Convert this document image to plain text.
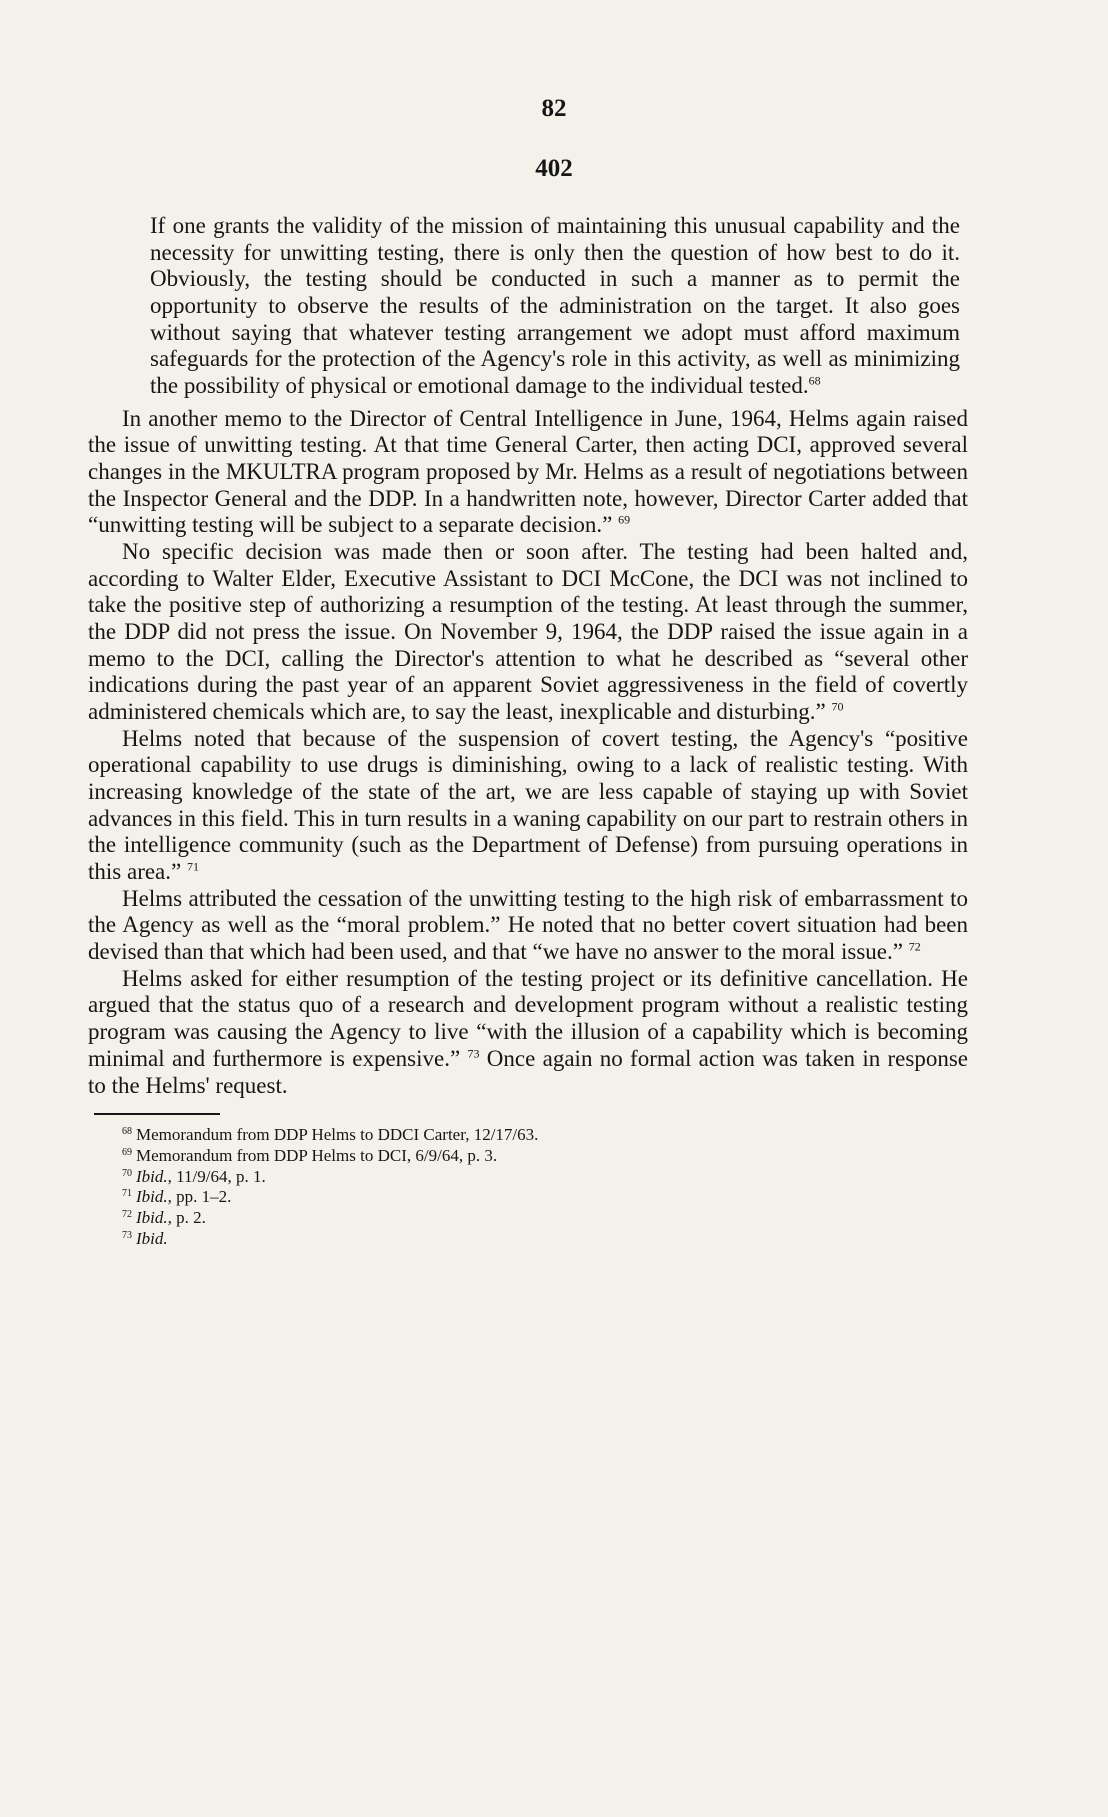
82
402

If one grants the validity of the mission of maintaining this unusual capability and the necessity for unwitting testing, there is only then the question of how best to do it. Obviously, the testing should be conducted in such a manner as to permit the opportunity to observe the results of the administration on the target. It also goes without saying that whatever testing arrangement we adopt must afford maximum safeguards for the protection of the Agency's role in this activity, as well as minimizing the possibility of physical or emotional damage to the individual tested.$^{68}$

In another memo to the Director of Central Intelligence in June, 1964, Helms again raised the issue of unwitting testing. At that time General Carter, then acting DCI, approved several changes in the MKULTRA program proposed by Mr. Helms as a result of negotiations between the Inspector General and the DDP. In a handwritten note, however, Director Carter added that “unwitting testing will be subject to a separate decision.” $^{69}$

No specific decision was made then or soon after. The testing had been halted and, according to Walter Elder, Executive Assistant to DCI McCone, the DCI was not inclined to take the positive step of authorizing a resumption of the testing. At least through the summer, the DDP did not press the issue. On November 9, 1964, the DDP raised the issue again in a memo to the DCI, calling the Director's attention to what he described as “several other indications during the past year of an apparent Soviet aggressiveness in the field of covertly administered chemicals which are, to say the least, inexplicable and disturbing.” $^{70}$

Helms noted that because of the suspension of covert testing, the Agency's “positive operational capability to use drugs is diminishing, owing to a lack of realistic testing. With increasing knowledge of the state of the art, we are less capable of staying up with Soviet advances in this field. This in turn results in a waning capability on our part to restrain others in the intelligence community (such as the Department of Defense) from pursuing operations in this area.” $^{71}$

Helms attributed the cessation of the unwitting testing to the high risk of embarrassment to the Agency as well as the “moral problem.” He noted that no better covert situation had been devised than that which had been used, and that “we have no answer to the moral issue.” $^{72}$

Helms asked for either resumption of the testing project or its definitive cancellation. He argued that the status quo of a research and development program without a realistic testing program was causing the Agency to live “with the illusion of a capability which is becoming minimal and furthermore is expensive.” $^{73}$ Once again no formal action was taken in response to the Helms' request.

68 Memorandum from DDP Helms to DDCI Carter, 12/17/63.
69 Memorandum from DDP Helms to DCI, 6/9/64, p. 3.
70 Ibid., 11/9/64, p. 1.
71 Ibid., pp. 1–2.
72 Ibid., p. 2.
73 Ibid.
